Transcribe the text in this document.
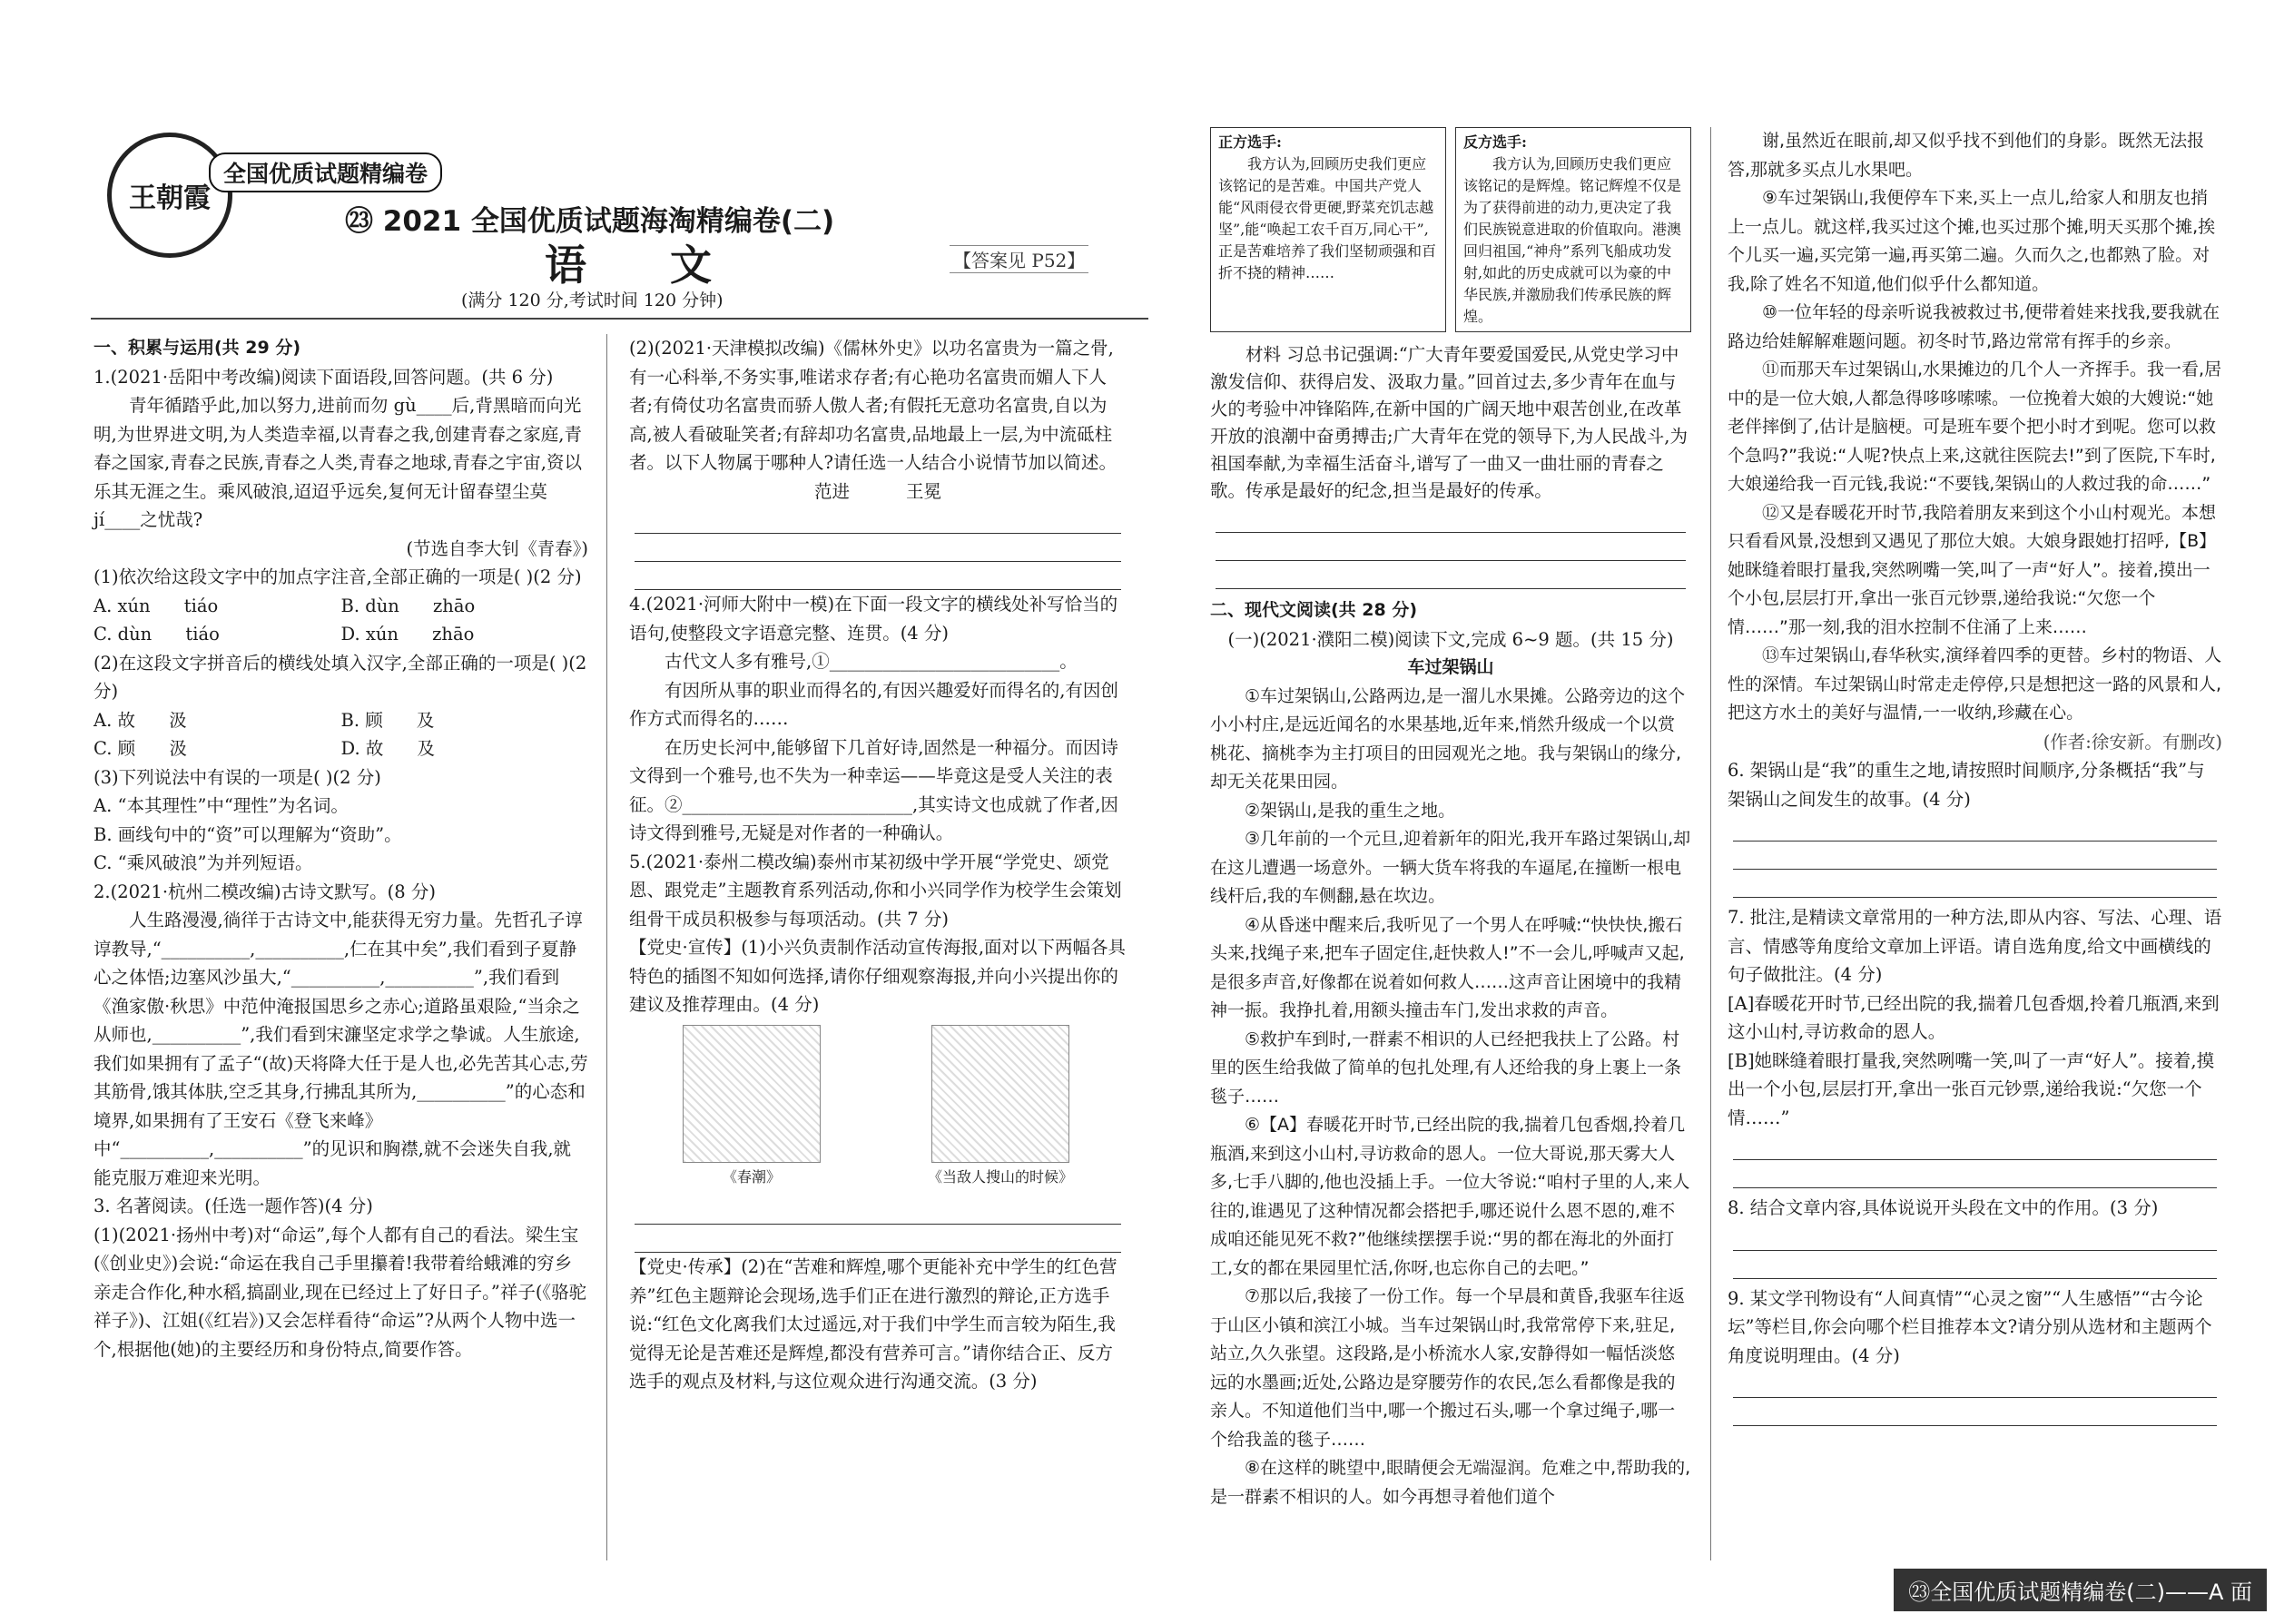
王朝霞
全国优质试题精编卷
㉓ 2021 全国优质试题海淘精编卷(二)
语  文	【答案见 P52】
(满分 120 分,考试时间 120 分钟)

一、积累与运用(共 29 分)

1.(2021·岳阳中考改编)阅读下面语段,回答问题。(共 6 分)

青年循踏乎此,加以努力,进前而勿 gù____后,背黑暗而向光明,为世界进文明,为人类造幸福,以青春之我,创建青春之家庭,青春之国家,青春之民族,青春之人类,青春之地球,青春之宇宙,资以乐其无涯之生。乘风破浪,迢迢乎远矣,复何无计留春望尘莫jí____之忧哉?

(节选自李大钊《青春》)

(1)依次给这段文字中的加点字注音,全部正确的一项是( )(2 分)

A. xún      tiáo	B. dùn      zhāo
C. dùn      tiáo	D. xún      zhāo

(2)在这段文字拼音后的横线处填入汉字,全部正确的一项是( )(2 分)

A. 故      汲	B. 顾      及
C. 顾      汲	D. 故      及

(3)下列说法中有误的一项是( )(2 分)

A. “本其理性”中“理性”为名词。

B. 画线句中的“资”可以理解为“资助”。

C. “乘风破浪”为并列短语。

2.(2021·杭州二模改编)古诗文默写。(8 分)

人生路漫漫,徜徉于古诗文中,能获得无穷力量。先哲孔子谆谆教导,“__________,__________,仁在其中矣”,我们看到子夏静心之体悟;边塞风沙虽大,“__________,__________”,我们看到《渔家傲·秋思》中范仲淹报国思乡之赤心;道路虽艰险,“当余之从师也,__________”,我们看到宋濂坚定求学之挚诚。人生旅途,我们如果拥有了孟子“(故)天将降大任于是人也,必先苦其心志,劳其筋骨,饿其体肤,空乏其身,行拂乱其所为,__________”的心态和境界,如果拥有了王安石《登飞来峰》中“__________,__________”的见识和胸襟,就不会迷失自我,就能克服万难迎来光明。

3. 名著阅读。(任选一题作答)(4 分)

(1)(2021·扬州中考)对“命运”,每个人都有自己的看法。梁生宝(《创业史》)会说:“命运在我自己手里攥着!我带着给蛾滩的穷乡亲走合作化,种水稻,搞副业,现在已经过上了好日子。”祥子(《骆驼祥子》)、江姐(《红岩》)又会怎样看待“命运”?从两个人物中选一个,根据他(她)的主要经历和身份特点,简要作答。

(2)(2021·天津模拟改编)《儒林外史》以功名富贵为一篇之骨,有一心科举,不务实事,唯诺求存者;有心艳功名富贵而媚人下人者;有倚仗功名富贵而骄人傲人者;有假托无意功名富贵,自以为高,被人看破耻笑者;有辞却功名富贵,品地最上一层,为中流砥柱者。以下人物属于哪种人?请任选一人结合小说情节加以简述。

范进          王冕

4.(2021·河师大附中一模)在下面一段文字的横线处补写恰当的语句,使整段文字语意完整、连贯。(4 分)

古代文人多有雅号,①__________________________。

有因所从事的职业而得名的,有因兴趣爱好而得名的,有因创作方式而得名的……

在历史长河中,能够留下几首好诗,固然是一种福分。而因诗文得到一个雅号,也不失为一种幸运——毕竟这是受人关注的表征。②__________________________,其实诗文也成就了作者,因诗文得到雅号,无疑是对作者的一种确认。

5.(2021·泰州二模改编)泰州市某初级中学开展“学党史、颂党恩、跟党走”主题教育系列活动,你和小兴同学作为校学生会策划组骨干成员积极参与每项活动。(共 7 分)

【党史·宣传】(1)小兴负责制作活动宣传海报,面对以下两幅各具特色的插图不知如何选择,请你仔细观察海报,并向小兴提出你的建议及推荐理由。(4 分)

《春潮》	《当敌人搜山的时候》

【党史·传承】(2)在“苦难和辉煌,哪个更能补充中学生的红色营养”红色主题辩论会现场,选手们正在进行激烈的辩论,正方选手说:“红色文化离我们太过遥远,对于我们中学生而言较为陌生,我觉得无论是苦难还是辉煌,都没有营养可言。”请你结合正、反方选手的观点及材料,与这位观众进行沟通交流。(3 分)

正方选手:
我方认为,回顾历史我们更应该铭记的是苦难。中国共产党人能“风雨侵衣骨更硬,野菜充饥志越坚”,能“唤起工农千百万,同心干”,正是苦难培养了我们坚韧顽强和百折不挠的精神……
反方选手:
我方认为,回顾历史我们更应该铭记的是辉煌。铭记辉煌不仅是为了获得前进的动力,更决定了我们民族锐意进取的价值取向。港澳回归祖国,“神舟”系列飞船成功发射,如此的历史成就可以为豪的中华民族,并激励我们传承民族的辉煌。

材料 习总书记强调:“广大青年要爱国爱民,从党史学习中激发信仰、获得启发、汲取力量。”回首过去,多少青年在血与火的考验中冲锋陷阵,在新中国的广阔天地中艰苦创业,在改革开放的浪潮中奋勇搏击;广大青年在党的领导下,为人民战斗,为祖国奉献,为幸福生活奋斗,谱写了一曲又一曲壮丽的青春之歌。传承是最好的纪念,担当是最好的传承。

二、现代文阅读(共 28 分)

(一)(2021·濮阳二模)阅读下文,完成 6~9 题。(共 15 分)

车过架锅山

①车过架锅山,公路两边,是一溜儿水果摊。公路旁边的这个小小村庄,是远近闻名的水果基地,近年来,悄然升级成一个以赏桃花、摘桃李为主打项目的田园观光之地。我与架锅山的缘分,却无关花果田园。

②架锅山,是我的重生之地。

③几年前的一个元旦,迎着新年的阳光,我开车路过架锅山,却在这儿遭遇一场意外。一辆大货车将我的车逼尾,在撞断一根电线杆后,我的车侧翻,悬在坎边。

④从昏迷中醒来后,我听见了一个男人在呼喊:“快快快,搬石头来,找绳子来,把车子固定住,赶快救人!”不一会儿,呼喊声又起,是很多声音,好像都在说着如何救人……这声音让困境中的我精神一振。我挣扎着,用额头撞击车门,发出求救的声音。

⑤救护车到时,一群素不相识的人已经把我扶上了公路。村里的医生给我做了简单的包扎处理,有人还给我的身上裹上一条毯子……

⑥【A】春暖花开时节,已经出院的我,揣着几包香烟,拎着几瓶酒,来到这小山村,寻访救命的恩人。一位大哥说,那天雾大人多,七手八脚的,他也没插上手。一位大爷说:“咱村子里的人,来人往的,谁遇见了这种情况都会搭把手,哪还说什么恩不恩的,难不成咱还能见死不救?”他继续摆摆手说:“男的都在海北的外面打工,女的都在果园里忙活,你呀,也忘你自己的去吧。”

⑦那以后,我接了一份工作。每一个早晨和黄昏,我驱车往返于山区小镇和滨江小城。当车过架锅山时,我常常停下来,驻足,站立,久久张望。这段路,是小桥流水人家,安静得如一幅恬淡悠远的水墨画;近处,公路边是穿腰劳作的农民,怎么看都像是我的亲人。不知道他们当中,哪一个搬过石头,哪一个拿过绳子,哪一个给我盖的毯子……

⑧在这样的眺望中,眼睛便会无端湿润。危难之中,帮助我的,是一群素不相识的人。如今再想寻着他们道个

谢,虽然近在眼前,却又似乎找不到他们的身影。既然无法报答,那就多买点儿水果吧。

⑨车过架锅山,我便停车下来,买上一点儿,给家人和朋友也捎上一点儿。就这样,我买过这个摊,也买过那个摊,明天买那个摊,挨个儿买一遍,买完第一遍,再买第二遍。久而久之,也都熟了脸。对我,除了姓名不知道,他们似乎什么都知道。

⑩一位年轻的母亲听说我被救过书,便带着娃来找我,要我就在路边给娃解解难题问题。初冬时节,路边常常有挥手的乡亲。

⑪而那天车过架锅山,水果摊边的几个人一齐挥手。我一看,居中的是一位大娘,人都急得哆哆嗦嗦。一位挽着大娘的大嫂说:“她老伴摔倒了,估计是脑梗。可是班车要个把小时才到呢。您可以救个急吗?”我说:“人呢?快点上来,这就往医院去!”到了医院,下车时,大娘递给我一百元钱,我说:“不要钱,架锅山的人救过我的命……”

⑫又是春暖花开时节,我陪着朋友来到这个小山村观光。本想只看看风景,没想到又遇见了那位大娘。大娘身跟她打招呼,【B】她眯缝着眼打量我,突然咧嘴一笑,叫了一声“好人”。接着,摸出一个小包,层层打开,拿出一张百元钞票,递给我说:“欠您一个情……”那一刻,我的泪水控制不住涌了上来……

⑬车过架锅山,春华秋实,演绎着四季的更替。乡村的物语、人性的深情。车过架锅山时常走走停停,只是想把这一路的风景和人,把这方水土的美好与温情,一一收纳,珍藏在心。

(作者:徐安新。有删改)

6. 架锅山是“我”的重生之地,请按照时间顺序,分条概括“我”与架锅山之间发生的故事。(4 分)

7. 批注,是精读文章常用的一种方法,即从内容、写法、心理、语言、情感等角度给文章加上评语。请自选角度,给文中画横线的句子做批注。(4 分)

[A]春暖花开时节,已经出院的我,揣着几包香烟,拎着几瓶酒,来到这小山村,寻访救命的恩人。

[B]她眯缝着眼打量我,突然咧嘴一笑,叫了一声“好人”。接着,摸出一个小包,层层打开,拿出一张百元钞票,递给我说:“欠您一个情……”

8. 结合文章内容,具体说说开头段在文中的作用。(3 分)

9. 某文学刊物设有“人间真情”“心灵之窗”“人生感悟”“古今论坛”等栏目,你会向哪个栏目推荐本文?请分别从选材和主题两个角度说明理由。(4 分)

㉓全国优质试题精编卷(二)——A 面
